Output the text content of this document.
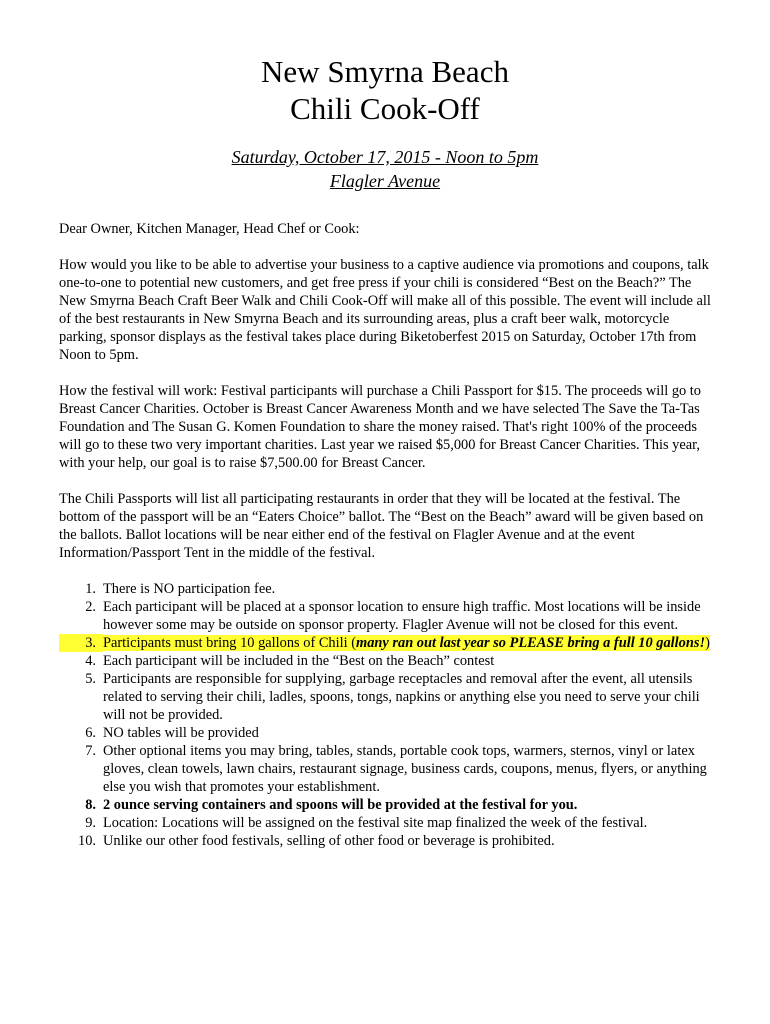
New Smyrna Beach
Chili Cook-Off
Saturday, October 17, 2015 - Noon to 5pm
Flagler Avenue

Dear Owner, Kitchen Manager, Head Chef or Cook:

How would you like to be able to advertise your business to a captive audience via promotions and coupons, talk one-to-one to potential new customers, and get free press if your chili is considered “Best on the Beach?” The New Smyrna Beach Craft Beer Walk and Chili Cook-Off will make all of this possible. The event will include all of the best restaurants in New Smyrna Beach and its surrounding areas, plus a craft beer walk, motorcycle parking, sponsor displays as the festival takes place during Biketoberfest 2015 on Saturday, October 17th from Noon to 5pm.

How the festival will work: Festival participants will purchase a Chili Passport for $15. The proceeds will go to Breast Cancer Charities. October is Breast Cancer Awareness Month and we have selected The Save the Ta-Tas Foundation and The Susan G. Komen Foundation to share the money raised. That's right 100% of the proceeds will go to these two very important charities. Last year we raised $5,000 for Breast Cancer Charities. This year, with your help, our goal is to raise $7,500.00 for Breast Cancer.

The Chili Passports will list all participating restaurants in order that they will be located at the festival. The bottom of the passport will be an “Eaters Choice” ballot. The “Best on the Beach” award will be given based on the ballots. Ballot locations will be near either end of the festival on Flagler Avenue and at the event Information/Passport Tent in the middle of the festival.

1. There is NO participation fee.
2. Each participant will be placed at a sponsor location to ensure high traffic. Most locations will be inside however some may be outside on sponsor property. Flagler Avenue will not be closed for this event.
3. Participants must bring 10 gallons of Chili (many ran out last year so PLEASE bring a full 10 gallons!)
4. Each participant will be included in the “Best on the Beach” contest
5. Participants are responsible for supplying, garbage receptacles and removal after the event, all utensils related to serving their chili, ladles, spoons, tongs, napkins or anything else you need to serve your chili will not be provided.
6. NO tables will be provided
7. Other optional items you may bring, tables, stands, portable cook tops, warmers, sternos, vinyl or latex gloves, clean towels, lawn chairs, restaurant signage, business cards, coupons, menus, flyers, or anything else you wish that promotes your establishment.
8. 2 ounce serving containers and spoons will be provided at the festival for you.
9. Location: Locations will be assigned on the festival site map finalized the week of the festival.
10. Unlike our other food festivals, selling of other food or beverage is prohibited.
